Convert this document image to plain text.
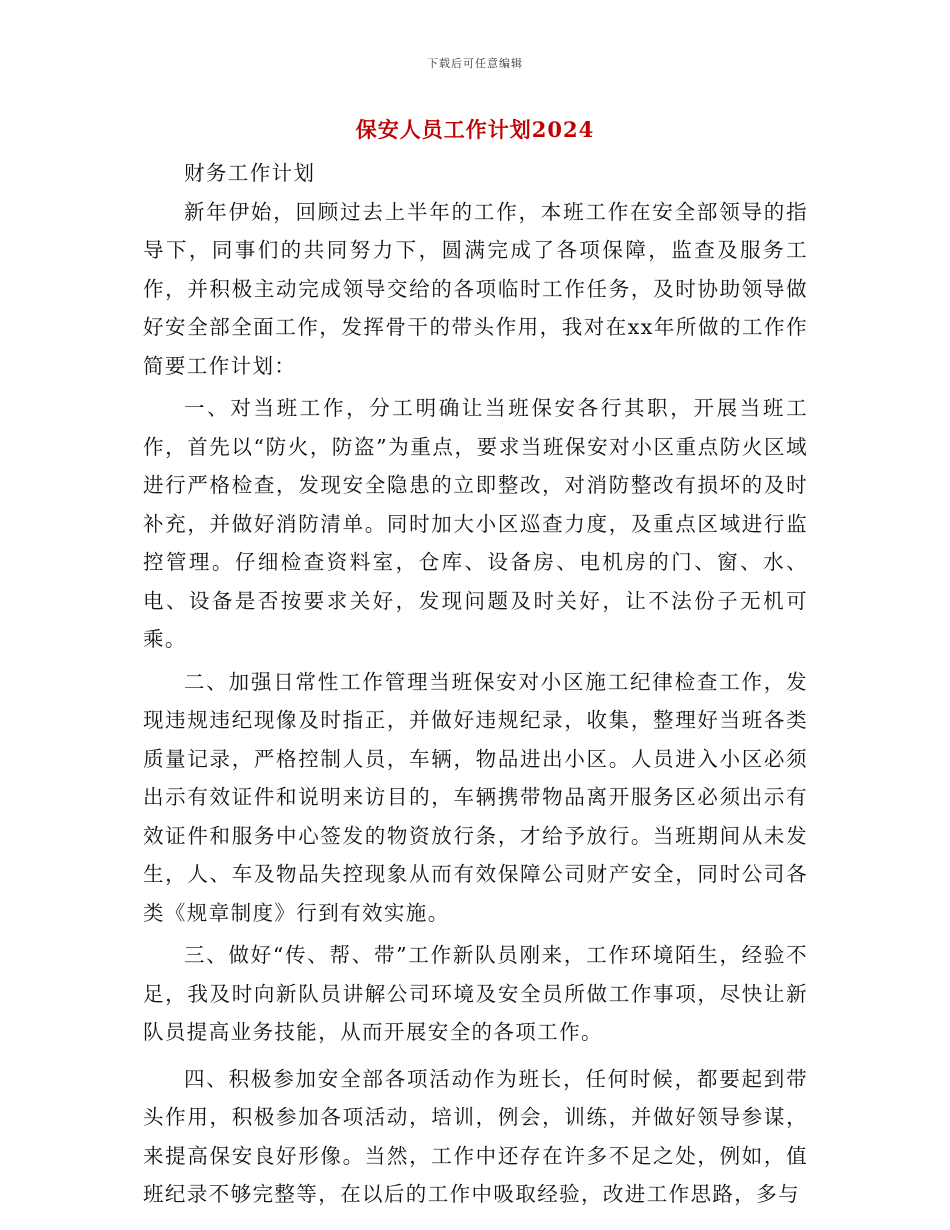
下载后可任意编辑
保安人员工作计划2024

财务工作计划

新年伊始，回顾过去上半年的工作，本班工作在安全部领导的指导下，同事们的共同努力下，圆满完成了各项保障，监查及服务工作，并积极主动完成领导交给的各项临时工作任务，及时协助领导做好安全部全面工作，发挥骨干的带头作用，我对在xx年所做的工作作简要工作计划：

一、对当班工作，分工明确让当班保安各行其职，开展当班工作，首先以“防火，防盗”为重点，要求当班保安对小区重点防火区域进行严格检查，发现安全隐患的立即整改，对消防整改有损坏的及时补充，并做好消防清单。同时加大小区巡查力度，及重点区域进行监控管理。仔细检查资料室，仓库、设备房、电机房的门、窗、水、电、设备是否按要求关好，发现问题及时关好，让不法份子无机可乘。

二、加强日常性工作管理当班保安对小区施工纪律检查工作，发现违规违纪现像及时指正，并做好违规纪录，收集，整理好当班各类质量记录，严格控制人员，车辆，物品进出小区。人员进入小区必须出示有效证件和说明来访目的，车辆携带物品离开服务区必须出示有效证件和服务中心签发的物资放行条，才给予放行。当班期间从未发生，人、车及物品失控现象从而有效保障公司财产安全，同时公司各类《规章制度》行到有效实施。

三、做好“传、帮、带”工作新队员刚来，工作环境陌生，经验不足，我及时向新队员讲解公司环境及安全员所做工作事项，尽快让新队员提高业务技能，从而开展安全的各项工作。

四、积极参加安全部各项活动作为班长，任何时候，都要起到带头作用，积极参加各项活动，培训，例会，训练，并做好领导参谋，来提高保安良好形像。当然，工作中还存在许多不足之处，例如，值班纪录不够完整等，在以后的工作中吸取经验，改进工作思路，多与
